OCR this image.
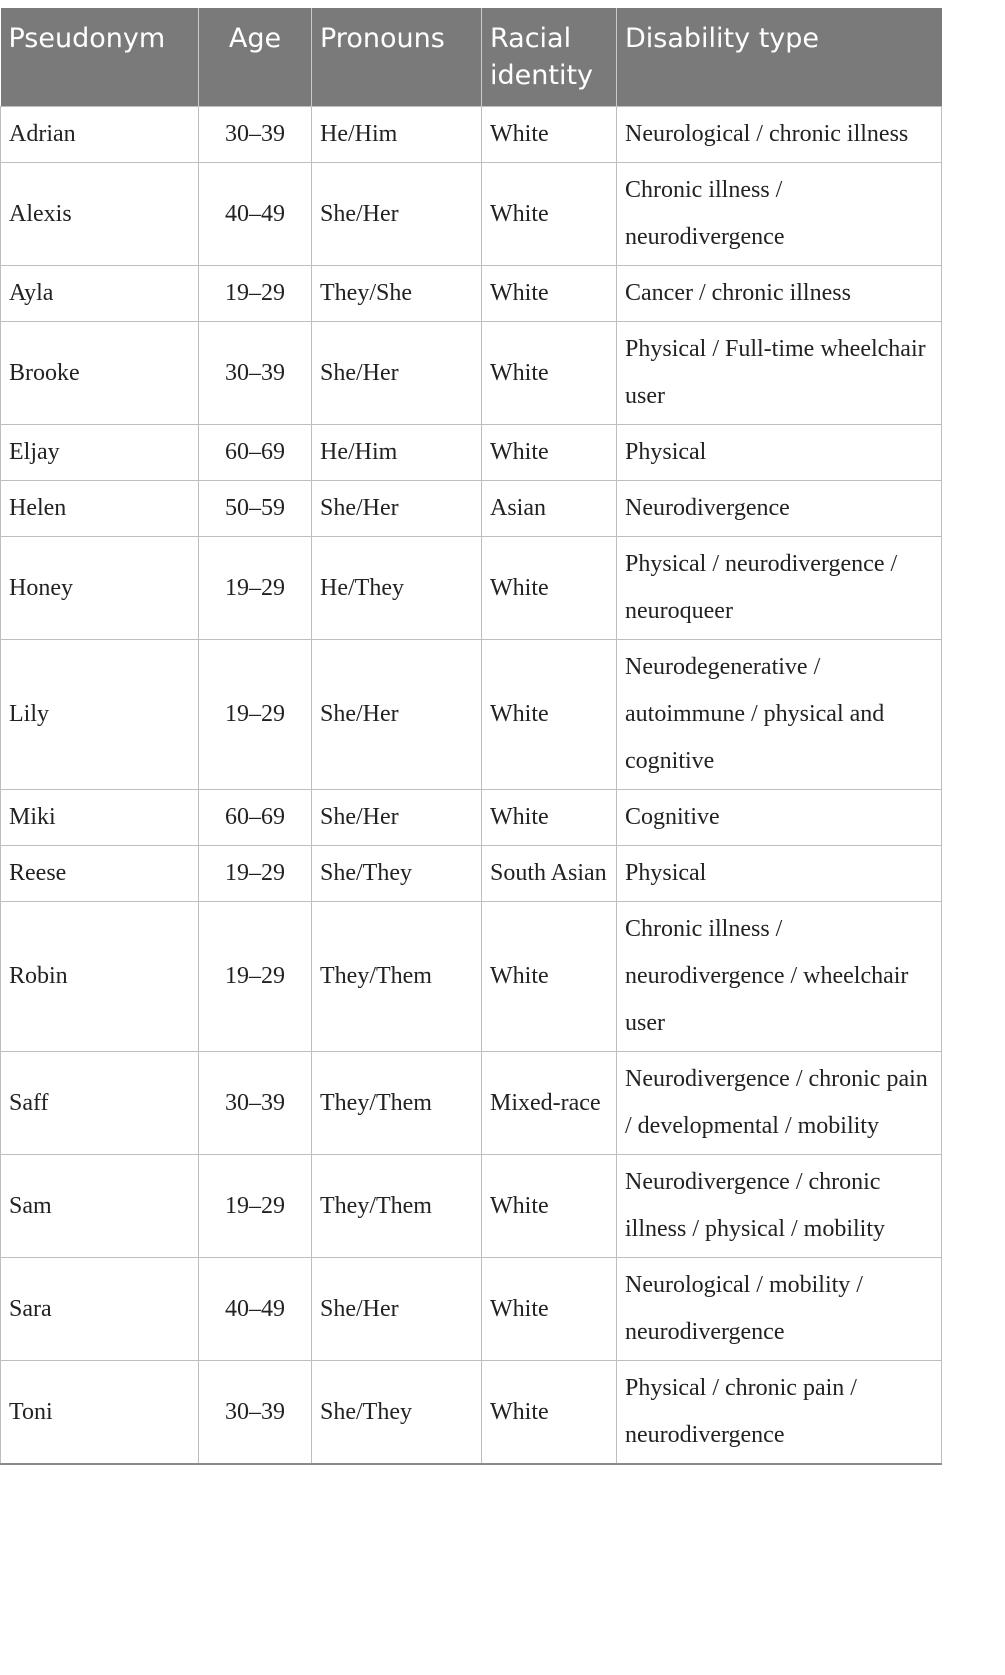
Pseudonym	Age	Pronouns	Racial identity	Disability type
Adrian	30–39	He/Him	White	Neurological / chronic illness
Alexis	40–49	She/Her	White	Chronic illness / neurodivergence
Ayla	19–29	They/She	White	Cancer / chronic illness
Brooke	30–39	She/Her	White	Physical / Full-time wheelchair user
Eljay	60–69	He/Him	White	Physical
Helen	50–59	She/Her	Asian	Neurodivergence
Honey	19–29	He/They	White	Physical / neurodivergence / neuroqueer
Lily	19–29	She/Her	White	Neurodegenerative / autoimmune / physical and cognitive
Miki	60–69	She/Her	White	Cognitive
Reese	19–29	She/They	South Asian	Physical
Robin	19–29	They/Them	White	Chronic illness / neurodivergence / wheelchair user
Saff	30–39	They/Them	Mixed-race	Neurodivergence / chronic pain / developmental / mobility
Sam	19–29	They/Them	White	Neurodivergence / chronic illness / physical / mobility
Sara	40–49	She/Her	White	Neurological / mobility / neurodivergence
Toni	30–39	She/They	White	Physical / chronic pain / neurodivergence
